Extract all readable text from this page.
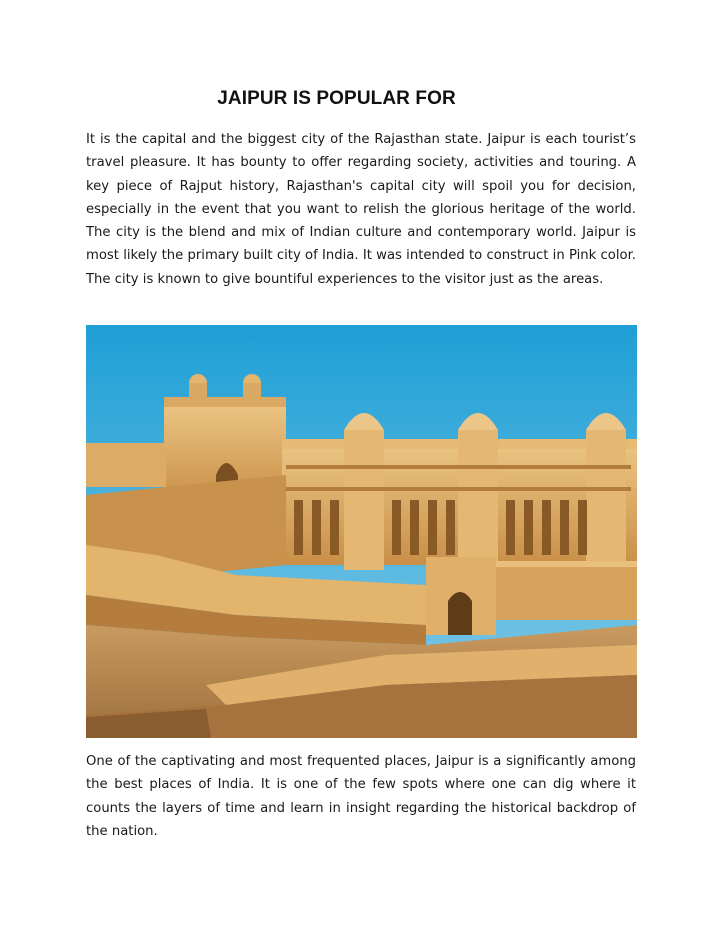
JAIPUR IS POPULAR FOR

It is the capital and the biggest city of the Rajasthan state. Jaipur is each tourist’s travel pleasure. It has bounty to offer regarding society, activities and touring. A key piece of Rajput history, Rajasthan's capital city will spoil you for decision, especially in the event that you want to relish the glorious heritage of the world. The city is the blend and mix of Indian culture and contemporary world. Jaipur is most likely the primary built city of India. It was intended to construct in Pink color. The city is known to give bountiful experiences to the visitor just as the areas.

One of the captivating and most frequented places, Jaipur is a significantly among the best places of India. It is one of the few spots where one can dig where it counts the layers of time and learn in insight regarding the historical backdrop of the nation.
